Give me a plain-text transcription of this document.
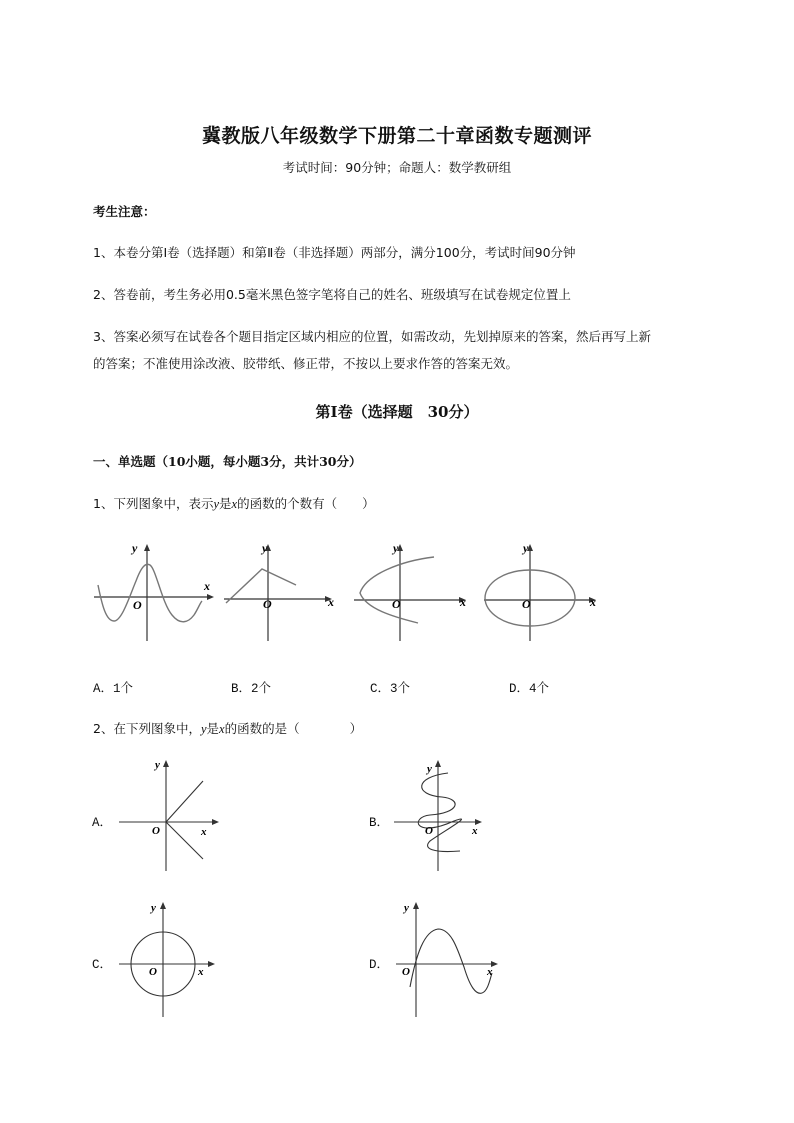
冀教版八年级数学下册第二十章函数专题测评
考试时间：90分钟；命题人：数学教研组
考生注意：
1、本卷分第I卷（选择题）和第Ⅱ卷（非选择题）两部分，满分100分，考试时间90分钟
2、答卷前，考生务必用0.5毫米黑色签字笔将自己的姓名、班级填写在试卷规定位置上
3、答案必须写在试卷各个题目指定区域内相应的位置，如需改动，先划掉原来的答案，然后再写上新
的答案；不准使用涂改液、胶带纸、修正带，不按以上要求作答的答案无效。
第I卷（选择题　30分）
一、单选题（10小题，每小题3分，共计30分）
1、下列图象中，表示y是x的函数的个数有（　　）
y
x
O
y
x
O
y
x
O
y
x
O
A．1个	B．2个	C．3个	D．4个
2、在下列图象中，y是x的函数的是（　　　　）
A．
y
x
O
B．
y
x
O
C．
y
x
O	D．
y
x
O
